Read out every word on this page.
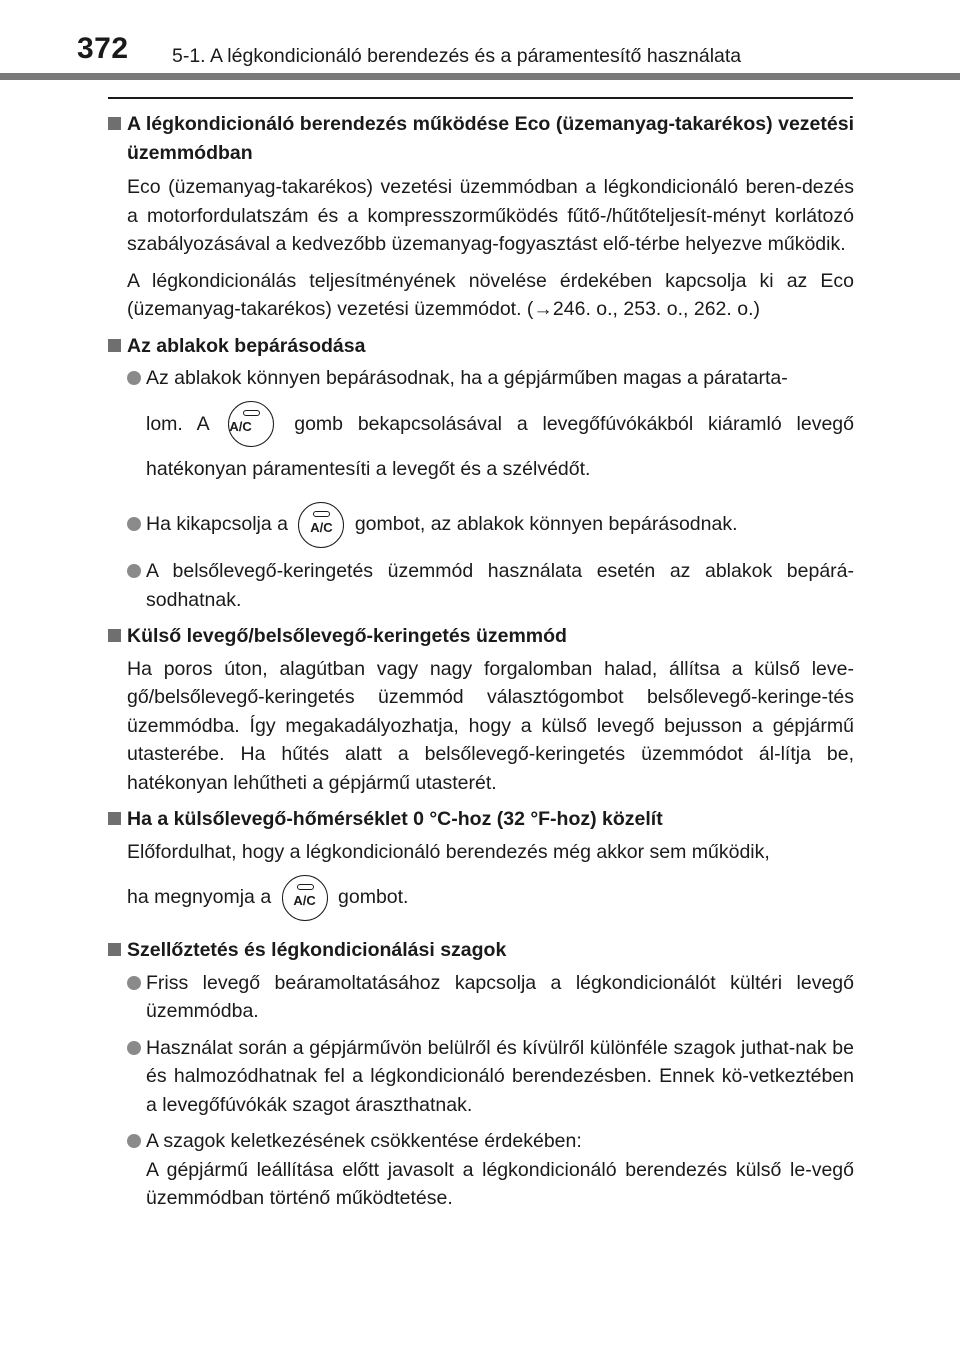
372 5-1. A légkondicionáló berendezés és a páramentesítő használata
A légkondicionáló berendezés működése Eco (üzemanyag-takarékos) vezetési üzemmódban
Eco (üzemanyag-takarékos) vezetési üzemmódban a légkondicionáló beren-dezés a motorfordulatszám és a kompresszorműködés fűtő-/hűtőteljesít-ményt korlátozó szabályozásával a kedvezőbb üzemanyag-fogyasztást elő-térbe helyezve működik.
A légkondicionálás teljesítményének növelése érdekében kapcsolja ki az Eco (üzemanyag-takarékos) vezetési üzemmódot. (→246. o., 253. o., 262. o.)
Az ablakok bepárásodása
Az ablakok könnyen bepárásodnak, ha a gépjárműben magas a páratarta-
lom. A A/C	gomb bekapcsolásával a levegőfúvókákból kiáramló levegő
hatékonyan páramentesíti a levegőt és a szélvédőt.
Ha kikapcsolja a	A/C	gombot, az ablakok könnyen bepárásodnak.
A belsőlevegő-keringetés üzemmód használata esetén az ablakok bepárá-sodhatnak.
Külső levegő/belsőlevegő-keringetés üzemmód
Ha poros úton, alagútban vagy nagy forgalomban halad, állítsa a külső leve-gő/belsőlevegő-keringetés üzemmód választógombot belsőlevegő-keringe-tés üzemmódba. Így megakadályozhatja, hogy a külső levegő bejusson a gépjármű utasterébe. Ha hűtés alatt a belsőlevegő-keringetés üzemmódot ál-lítja be, hatékonyan lehűtheti a gépjármű utasterét.
Ha a külsőlevegő-hőmérséklet 0 °C-hoz (32 °F-hoz) közelít
Előfordulhat, hogy a légkondicionáló berendezés még akkor sem működik,
ha megnyomja a	A/C	gombot.
Szellőztetés és légkondicionálási szagok
Friss levegő beáramoltatásához kapcsolja a légkondicionálót kültéri levegő üzemmódba.
Használat során a gépjárművön belülről és kívülről különféle szagok juthat-nak be és halmozódhatnak fel a légkondicionáló berendezésben. Ennek kö-vetkeztében a levegőfúvókák szagot áraszthatnak.
A szagok keletkezésének csökkentése érdekében:
A gépjármű leállítása előtt javasolt a légkondicionáló berendezés külső le-vegő üzemmódban történő működtetése.
